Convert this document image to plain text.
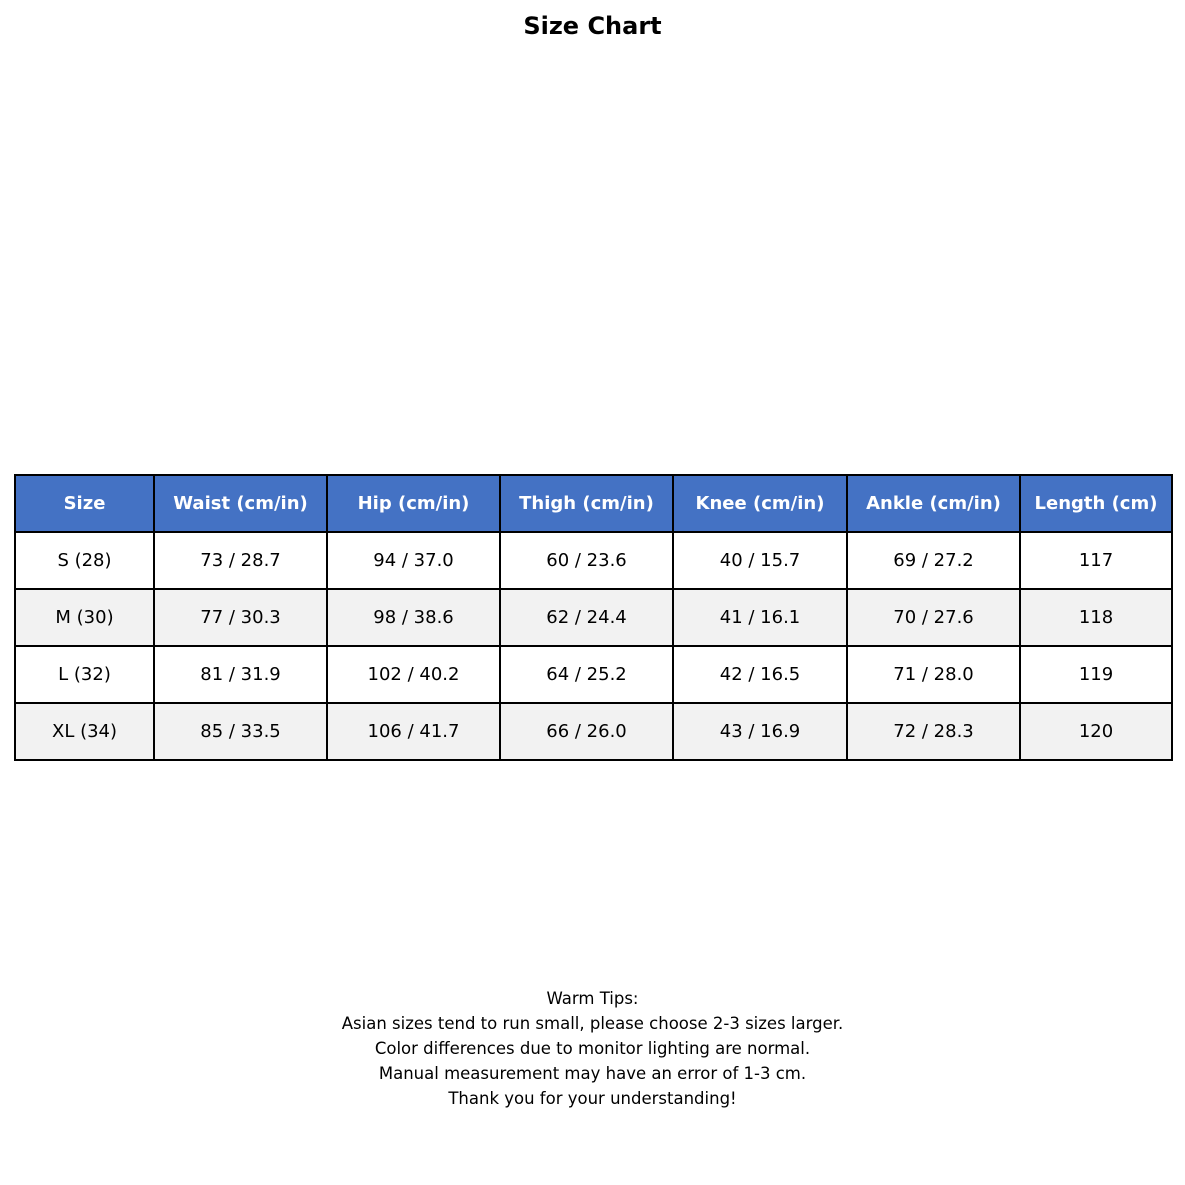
Size Chart
Size	Waist (cm/in)	Hip (cm/in)	Thigh (cm/in)	Knee (cm/in)	Ankle (cm/in)	Length (cm)
S (28)	73 / 28.7	94 / 37.0	60 / 23.6	40 / 15.7	69 / 27.2	117
M (30)	77 / 30.3	98 / 38.6	62 / 24.4	41 / 16.1	70 / 27.6	118
L (32)	81 / 31.9	102 / 40.2	64 / 25.2	42 / 16.5	71 / 28.0	119
XL (34)	85 / 33.5	106 / 41.7	66 / 26.0	43 / 16.9	72 / 28.3	120
Warm Tips:
Asian sizes tend to run small, please choose 2-3 sizes larger.
Color differences due to monitor lighting are normal.
Manual measurement may have an error of 1-3 cm.
Thank you for your understanding!
